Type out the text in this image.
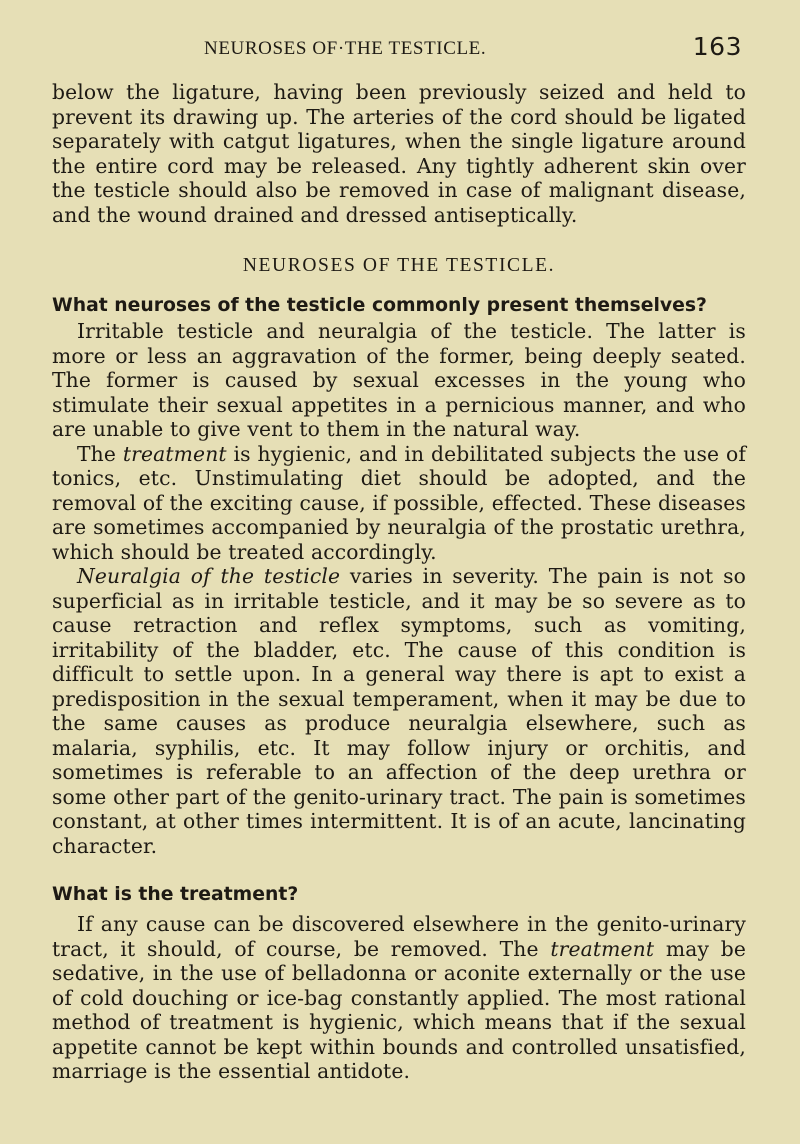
NEUROSES OF·THE TESTICLE.	163

below the ligature, having been previously seized and held to prevent its drawing up. The arteries of the cord should be ligated separately with catgut ligatures, when the single ligature around the entire cord may be released. Any tightly adherent skin over the testicle should also be removed in case of malignant disease, and the wound drained and dressed antiseptically.

NEUROSES OF THE TESTICLE.
What neuroses of the testicle commonly present themselves?

Irritable testicle and neuralgia of the testicle. The latter is more or less an aggravation of the former, being deeply seated. The former is caused by sexual excesses in the young who stimulate their sexual appetites in a pernicious manner, and who are unable to give vent to them in the natural way.

The treatment is hygienic, and in debilitated subjects the use of tonics, etc. Unstimulating diet should be adopted, and the removal of the exciting cause, if possible, effected. These diseases are sometimes accompanied by neuralgia of the prostatic urethra, which should be treated accordingly.

Neuralgia of the testicle varies in severity. The pain is not so superficial as in irritable testicle, and it may be so severe as to cause retraction and reflex symptoms, such as vomiting, irritability of the bladder, etc. The cause of this condition is difficult to settle upon. In a general way there is apt to exist a predisposition in the sexual temperament, when it may be due to the same causes as produce neuralgia elsewhere, such as malaria, syphilis, etc. It may follow injury or orchitis, and sometimes is referable to an affection of the deep urethra or some other part of the genito-urinary tract. The pain is sometimes constant, at other times intermittent. It is of an acute, lancinating character.

What is the treatment?

If any cause can be discovered elsewhere in the genito-urinary tract, it should, of course, be removed. The treatment may be sedative, in the use of belladonna or aconite externally or the use of cold douching or ice-bag constantly applied. The most rational method of treatment is hygienic, which means that if the sexual appetite cannot be kept within bounds and controlled unsatisfied, marriage is the essential antidote.
